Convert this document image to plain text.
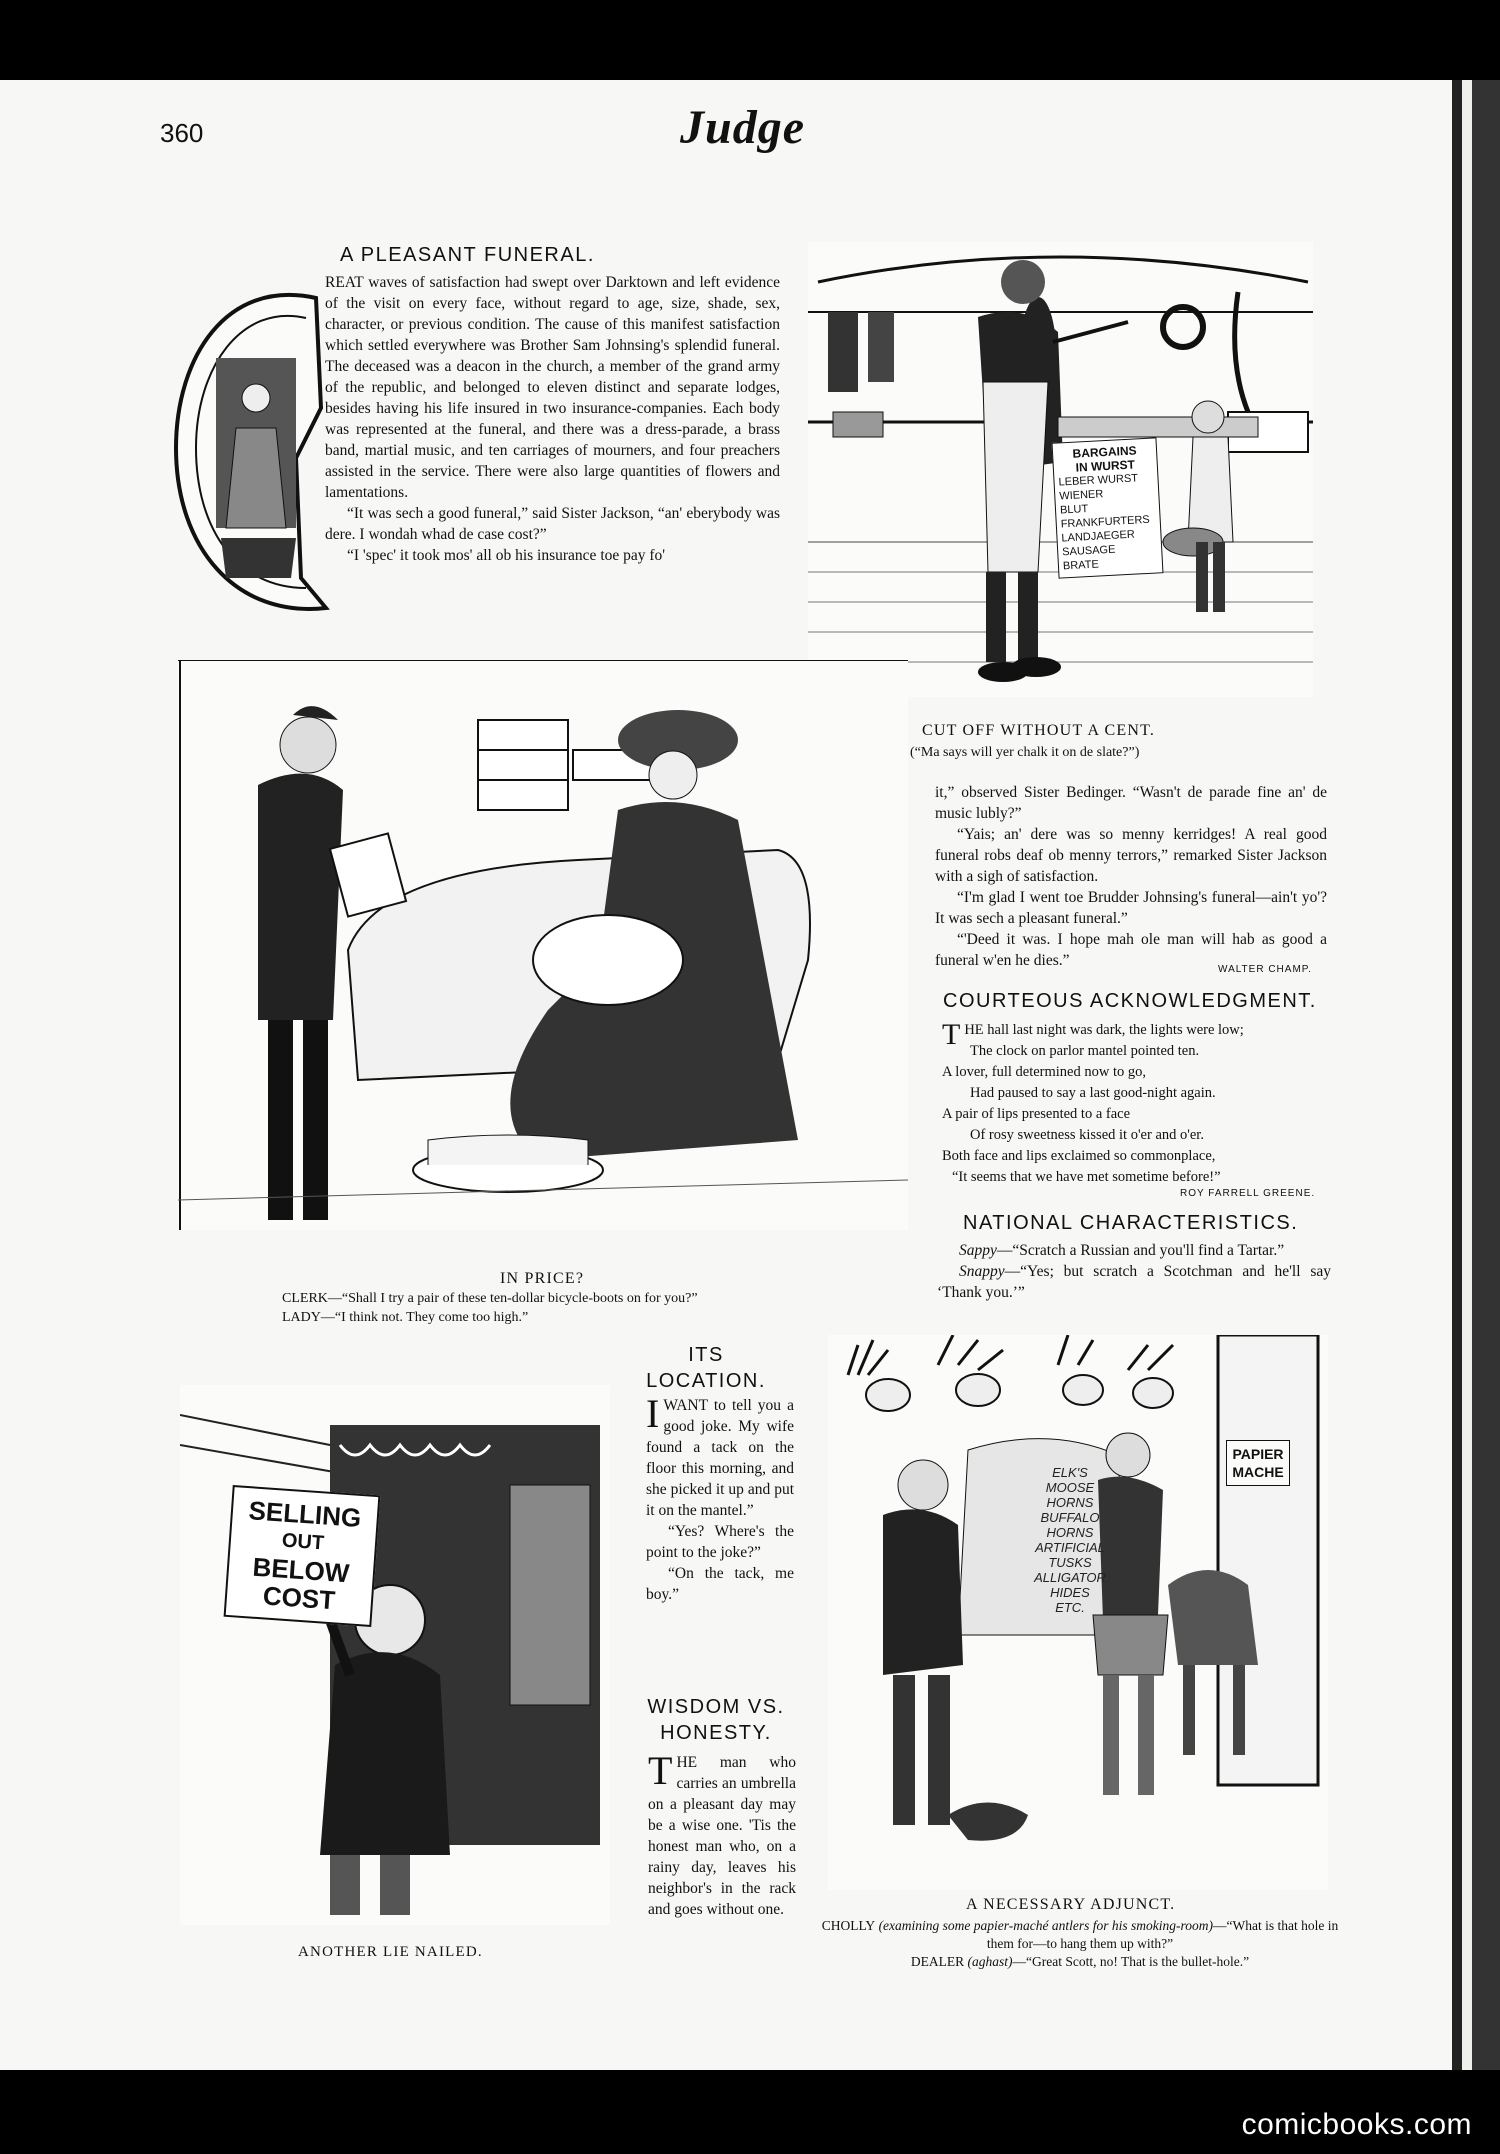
360	Judge
A PLEASANT FUNERAL.

REAT waves of satisfaction had swept over Darktown and left evidence of the visit on every face, without regard to age, size, shade, sex, character, or previous condition. The cause of this manifest satisfaction which settled everywhere was Brother Sam Johnsing's splendid funeral. The deceased was a deacon in the church, a member of the grand army of the republic, and belonged to eleven distinct and separate lodges, besides having his life insured in two insurance-companies. Each body was represented at the funeral, and there was a dress-parade, a brass band, martial music, and ten carriages of mourners, and four preachers assisted in the service. There were also large quantities of flowers and lamentations.

“It was sech a good funeral,” said Sister Jackson, “an' eberybody was dere. I wondah whad de case cost?”

“I 'spec' it took mos' all ob his insurance toe pay fo'

BARGAINS
IN WURST
LEBER WURST
WIENER
BLUT
FRANKFURTERS
LANDJAEGER
SAUSAGE
BRATE
CUT OFF WITHOUT A CENT.
(“Ma says will yer chalk it on de slate?”)
IN PRICE?
CLERK—“Shall I try a pair of these ten-dollar bicycle-boots on for you?”
LADY—“I think not. They come too high.”

it,” observed Sister Bedinger. “Wasn't de parade fine an' de music lubly?”

“Yais; an' dere was so menny kerridges! A real good funeral robs deaf ob menny terrors,” remarked Sister Jackson with a sigh of satisfaction.

“I'm glad I went toe Brudder Johnsing's funeral—ain't yo'? It was sech a pleasant funeral.”

“'Deed it was. I hope mah ole man will hab as good a funeral w'en he dies.”

WALTER CHAMP.
COURTEOUS ACKNOWLEDGMENT.

THE hall last night was dark, the lights were low;

The clock on parlor mantel pointed ten.

A lover, full determined now to go,

Had paused to say a last good-night again.

A pair of lips presented to a face

Of rosy sweetness kissed it o'er and o'er.

Both face and lips exclaimed so commonplace,

“It seems that we have met sometime before!”

ROY FARRELL GREENE.
NATIONAL CHARACTERISTICS.

Sappy—“Scratch a Russian and you'll find a Tartar.”

Snappy—“Yes; but scratch a Scotchman and he'll say ‘Thank you.’”

SELLING
OUT
BELOW
COST
ANOTHER LIE NAILED.
ITS LOCATION.

I WANT to tell you a good joke. My wife found a tack on the floor this morning, and she picked it up and put it on the mantel.”

“Yes? Where's the point to the joke?”

“On the tack, me boy.”

WISDOM VS. HONESTY.

THE man who carries an umbrella on a pleasant day may be a wise one. 'Tis the honest man who, on a rainy day, leaves his neighbor's in the rack and goes without one.

ELK'S
MOOSE
HORNS
BUFFALO
HORNS
ARTIFICIAL
TUSKS
ALLIGATOR
HIDES
ETC.
PAPIER
MACHE
A NECESSARY ADJUNCT.
CHOLLY (examining some papier-maché antlers for his smoking-room)—“What is that hole in them for—to hang them up with?”
DEALER (aghast)—“Great Scott, no! That is the bullet-hole.”
comicbooks.com
